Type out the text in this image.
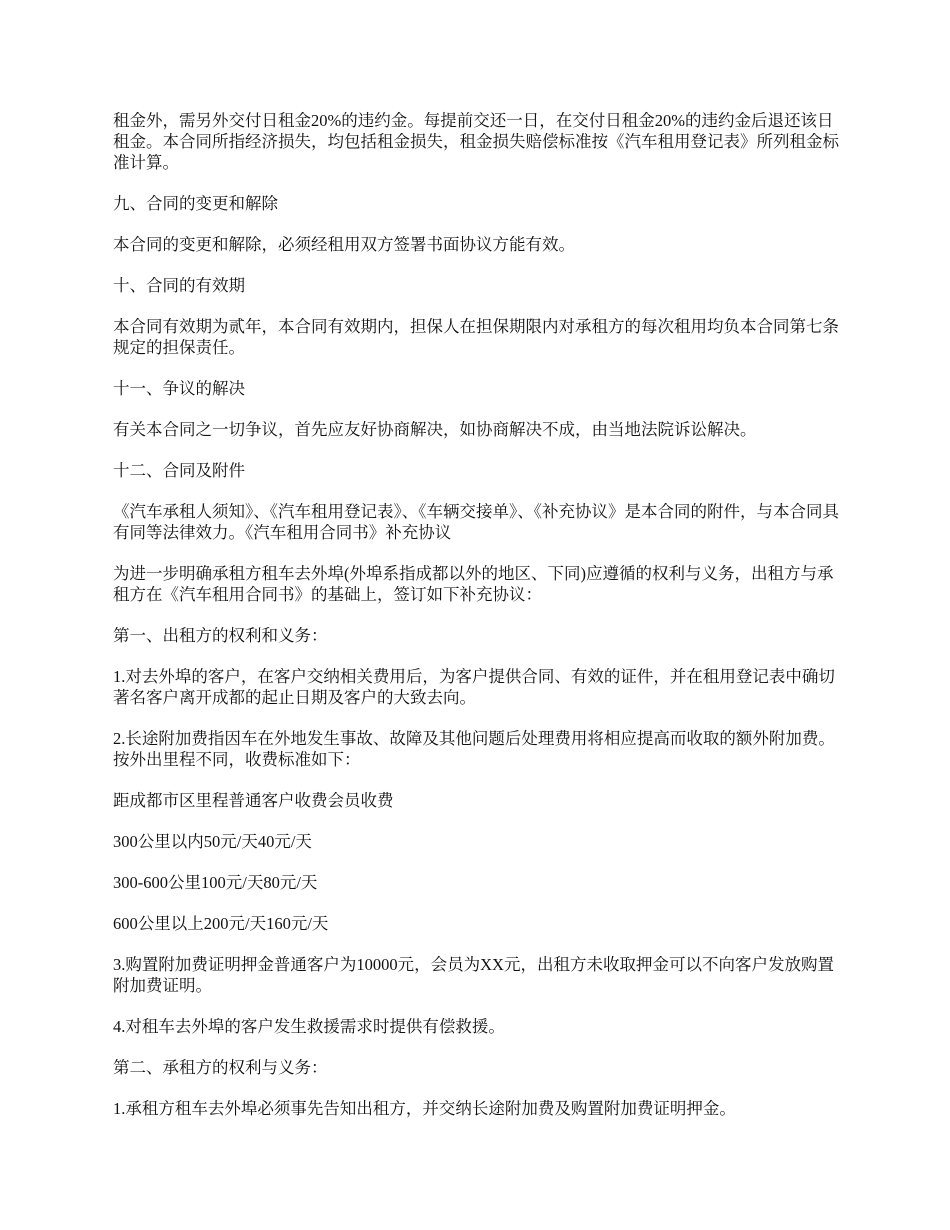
租金外，需另外交付日租金20%的违约金。每提前交还一日，在交付日租金20%的违约金后退还该日租金。本合同所指经济损失，均包括租金损失，租金损失赔偿标准按《汽车租用登记表》所列租金标准计算。

九、合同的变更和解除

本合同的变更和解除，必须经租用双方签署书面协议方能有效。

十、合同的有效期

本合同有效期为贰年，本合同有效期内，担保人在担保期限内对承租方的每次租用均负本合同第七条规定的担保责任。

十一、争议的解决

有关本合同之一切争议，首先应友好协商解决，如协商解决不成，由当地法院诉讼解决。

十二、合同及附件

《汽车承租人须知》、《汽车租用登记表》、《车辆交接单》、《补充协议》是本合同的附件，与本合同具有同等法律效力。《汽车租用合同书》补充协议

为进一步明确承租方租车去外埠(外埠系指成都以外的地区、下同)应遵循的权利与义务，出租方与承租方在《汽车租用合同书》的基础上，签订如下补充协议：

第一、出租方的权利和义务：

1.对去外埠的客户，在客户交纳相关费用后，为客户提供合同、有效的证件，并在租用登记表中确切著名客户离开成都的起止日期及客户的大致去向。

2.长途附加费指因车在外地发生事故、故障及其他问题后处理费用将相应提高而收取的额外附加费。按外出里程不同，收费标准如下：

距成都市区里程普通客户收费会员收费

300公里以内50元/天40元/天

300-600公里100元/天80元/天

600公里以上200元/天160元/天

3.购置附加费证明押金普通客户为10000元，会员为XX元，出租方未收取押金可以不向客户发放购置附加费证明。

4.对租车去外埠的客户发生救援需求时提供有偿救援。

第二、承租方的权利与义务：

1.承租方租车去外埠必须事先告知出租方，并交纳长途附加费及购置附加费证明押金。
